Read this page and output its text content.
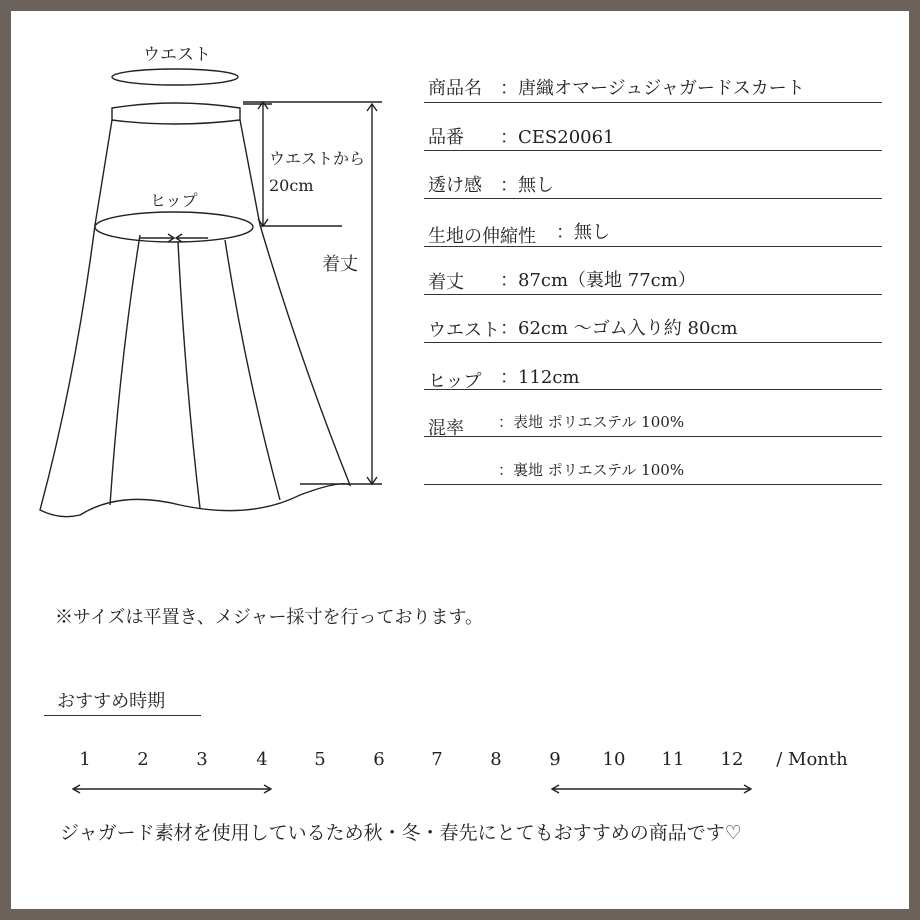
ウエスト
ウエストから
20cm
ヒップ
着丈
商品名 ：唐織オマージュジャガードスカート
品番 ：CES20061
透け感 ：無し
生地の伸縮性 ：無し
着丈 ：87cm（裏地 77cm）
ウエスト ：62cm 〜ゴム入り約 80cm
ヒップ ：112cm
混率 ：表地 ポリエステル 100%
：裏地 ポリエステル 100%
※サイズは平置き、メジャー採寸を行っております。
おすすめ時期
1	2	3	4	5	6	7	8	9 10 11 12 / Month
ジャガード素材を使用しているため秋・冬・春先にとてもおすすめの商品です♡
